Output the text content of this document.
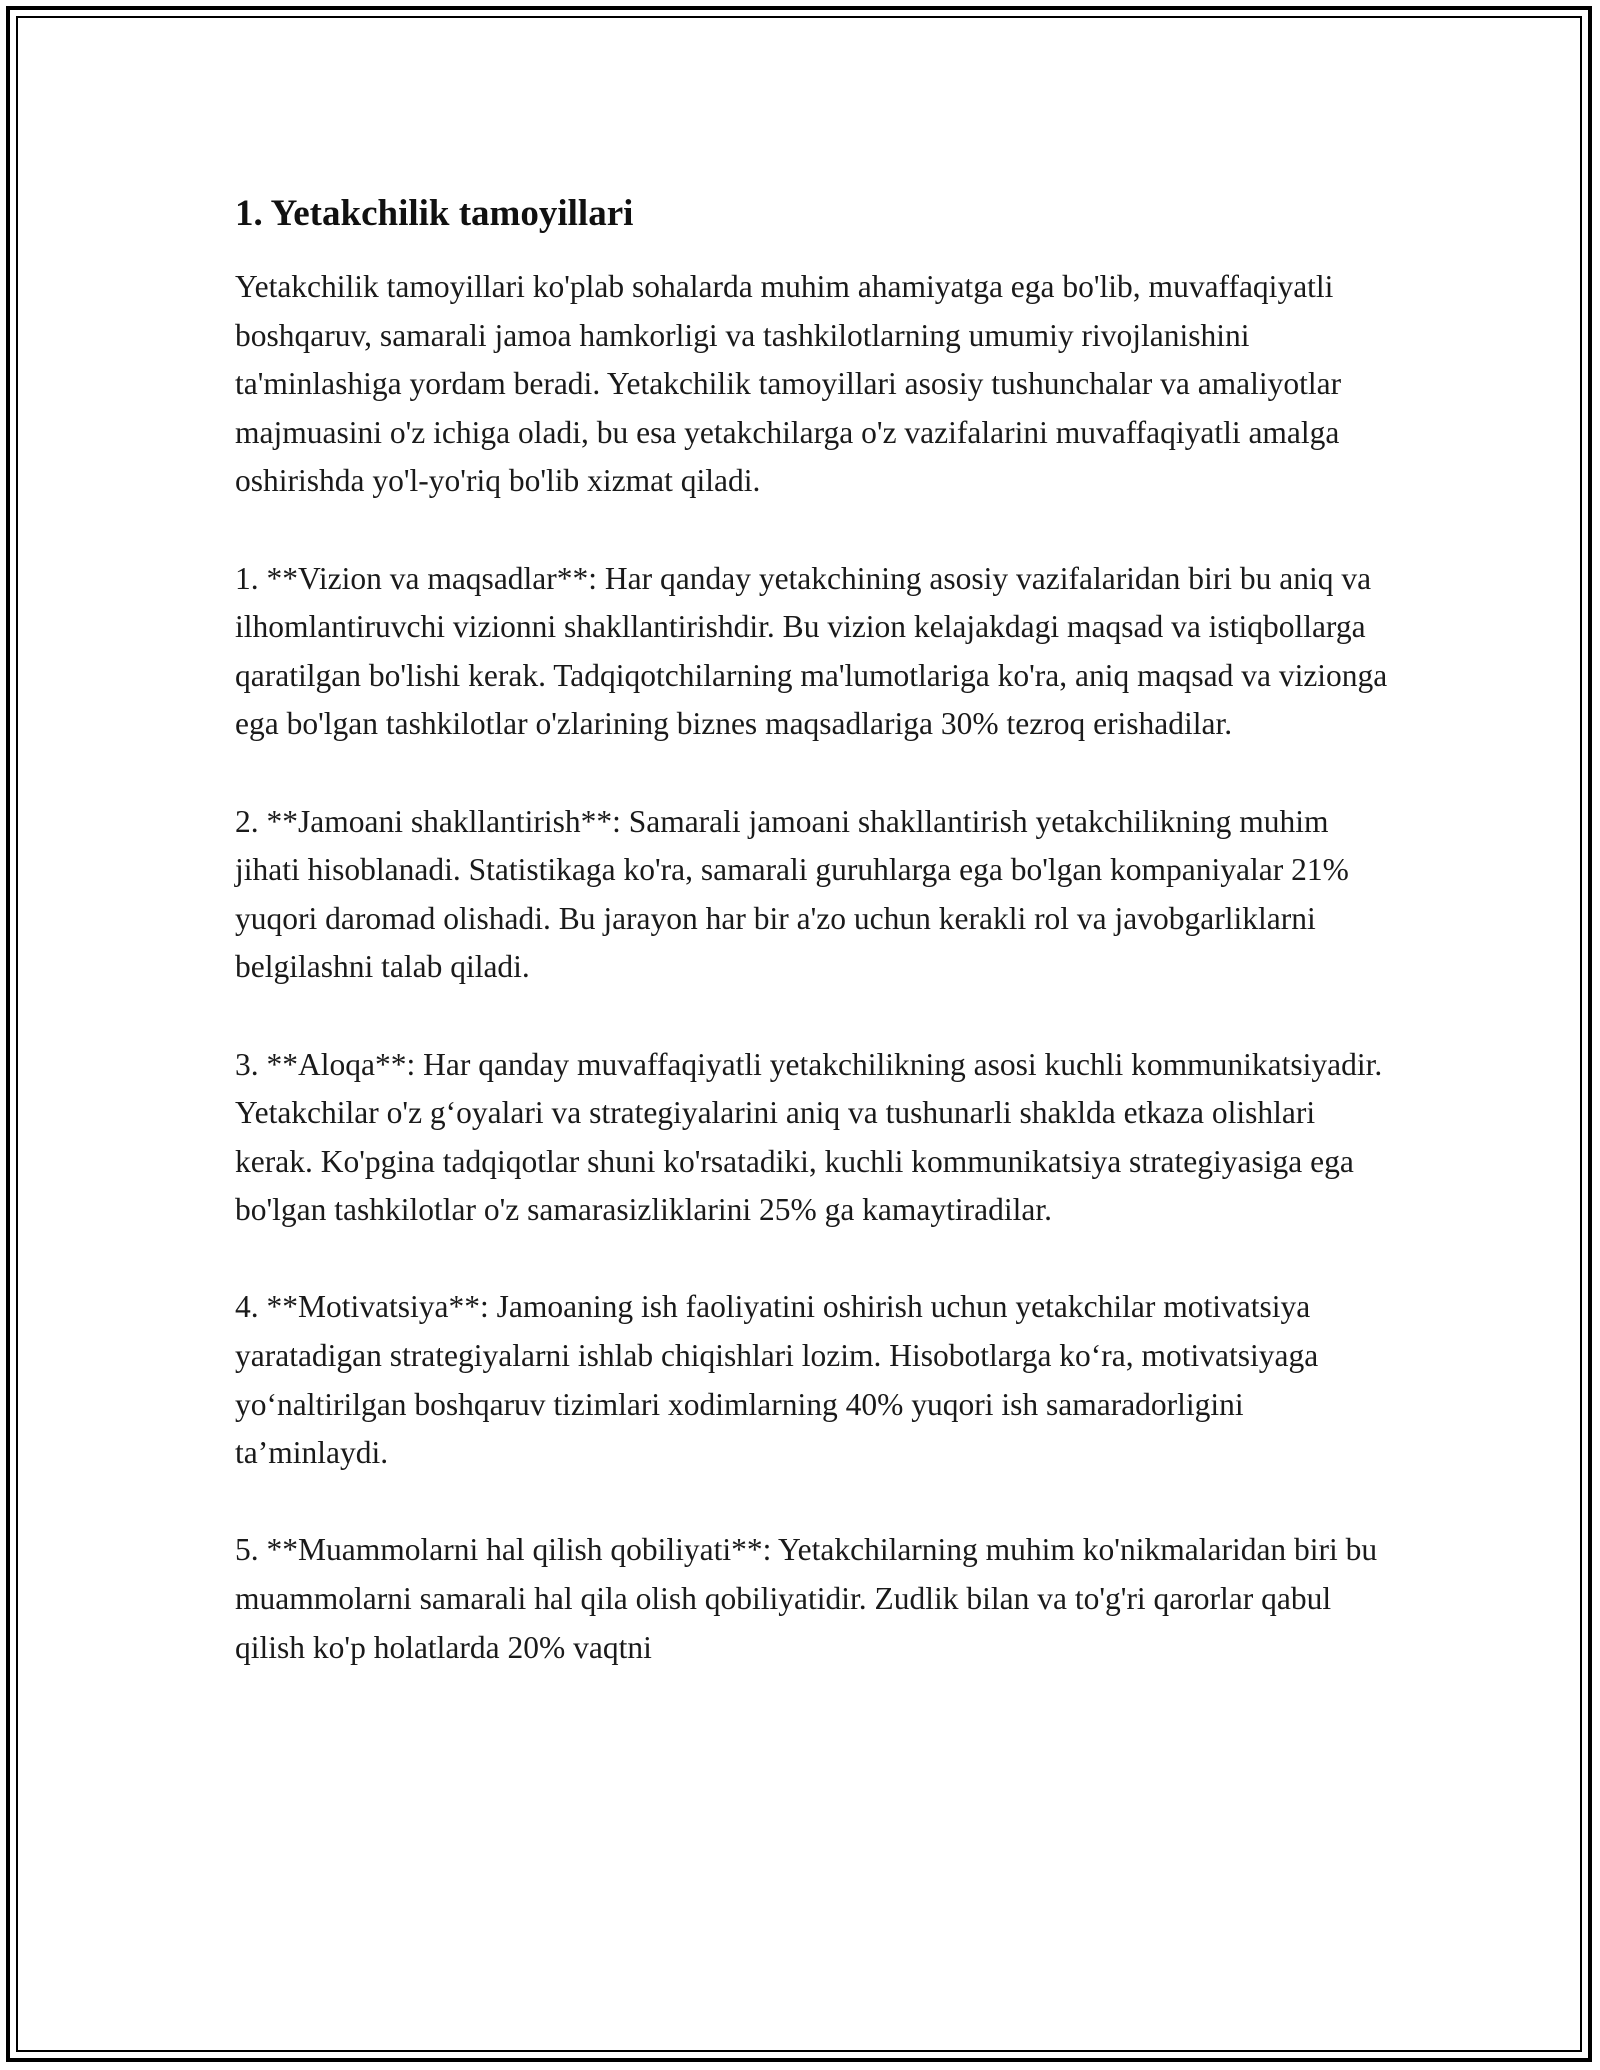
1. Yetakchilik tamoyillari

Yetakchilik tamoyillari ko'plab sohalarda muhim ahamiyatga ega bo'lib, muvaffaqiyatli boshqaruv, samarali jamoa hamkorligi va tashkilotlarning umumiy rivojlanishini ta'minlashiga yordam beradi. Yetakchilik tamoyillari asosiy tushunchalar va amaliyotlar majmuasini o'z ichiga oladi, bu esa yetakchilarga o'z vazifalarini muvaffaqiyatli amalga oshirishda yo'l-yo'riq bo'lib xizmat qiladi.

1. **Vizion va maqsadlar**: Har qanday yetakchining asosiy vazifalaridan biri bu aniq va ilhomlantiruvchi vizionni shakllantirishdir. Bu vizion kelajakdagi maqsad va istiqbollarga qaratilgan bo'lishi kerak. Tadqiqotchilarning ma'lumotlariga ko'ra, aniq maqsad va vizionga ega bo'lgan tashkilotlar o'zlarining biznes maqsadlariga 30% tezroq erishadilar.

2. **Jamoani shakllantirish**: Samarali jamoani shakllantirish yetakchilikning muhim jihati hisoblanadi. Statistikaga ko'ra, samarali guruhlarga ega bo'lgan kompaniyalar 21% yuqori daromad olishadi. Bu jarayon har bir a'zo uchun kerakli rol va javobgarliklarni belgilashni talab qiladi.

3. **Aloqa**: Har qanday muvaffaqiyatli yetakchilikning asosi kuchli kommunikatsiyadir. Yetakchilar o'z g‘oyalari va strategiyalarini aniq va tushunarli shaklda etkaza olishlari kerak. Ko'pgina tadqiqotlar shuni ko'rsatadiki, kuchli kommunikatsiya strategiyasiga ega bo'lgan tashkilotlar o'z samarasizliklarini 25% ga kamaytiradilar.

4. **Motivatsiya**: Jamoaning ish faoliyatini oshirish uchun yetakchilar motivatsiya yaratadigan strategiyalarni ishlab chiqishlari lozim. Hisobotlarga ko‘ra, motivatsiyaga yo‘naltirilgan boshqaruv tizimlari xodimlarning 40% yuqori ish samaradorligini ta’minlaydi.

5. **Muammolarni hal qilish qobiliyati**: Yetakchilarning muhim ko'nikmalaridan biri bu muammolarni samarali hal qila olish qobiliyatidir. Zudlik bilan va to'g'ri qarorlar qabul qilish ko'p holatlarda 20% vaqtni
